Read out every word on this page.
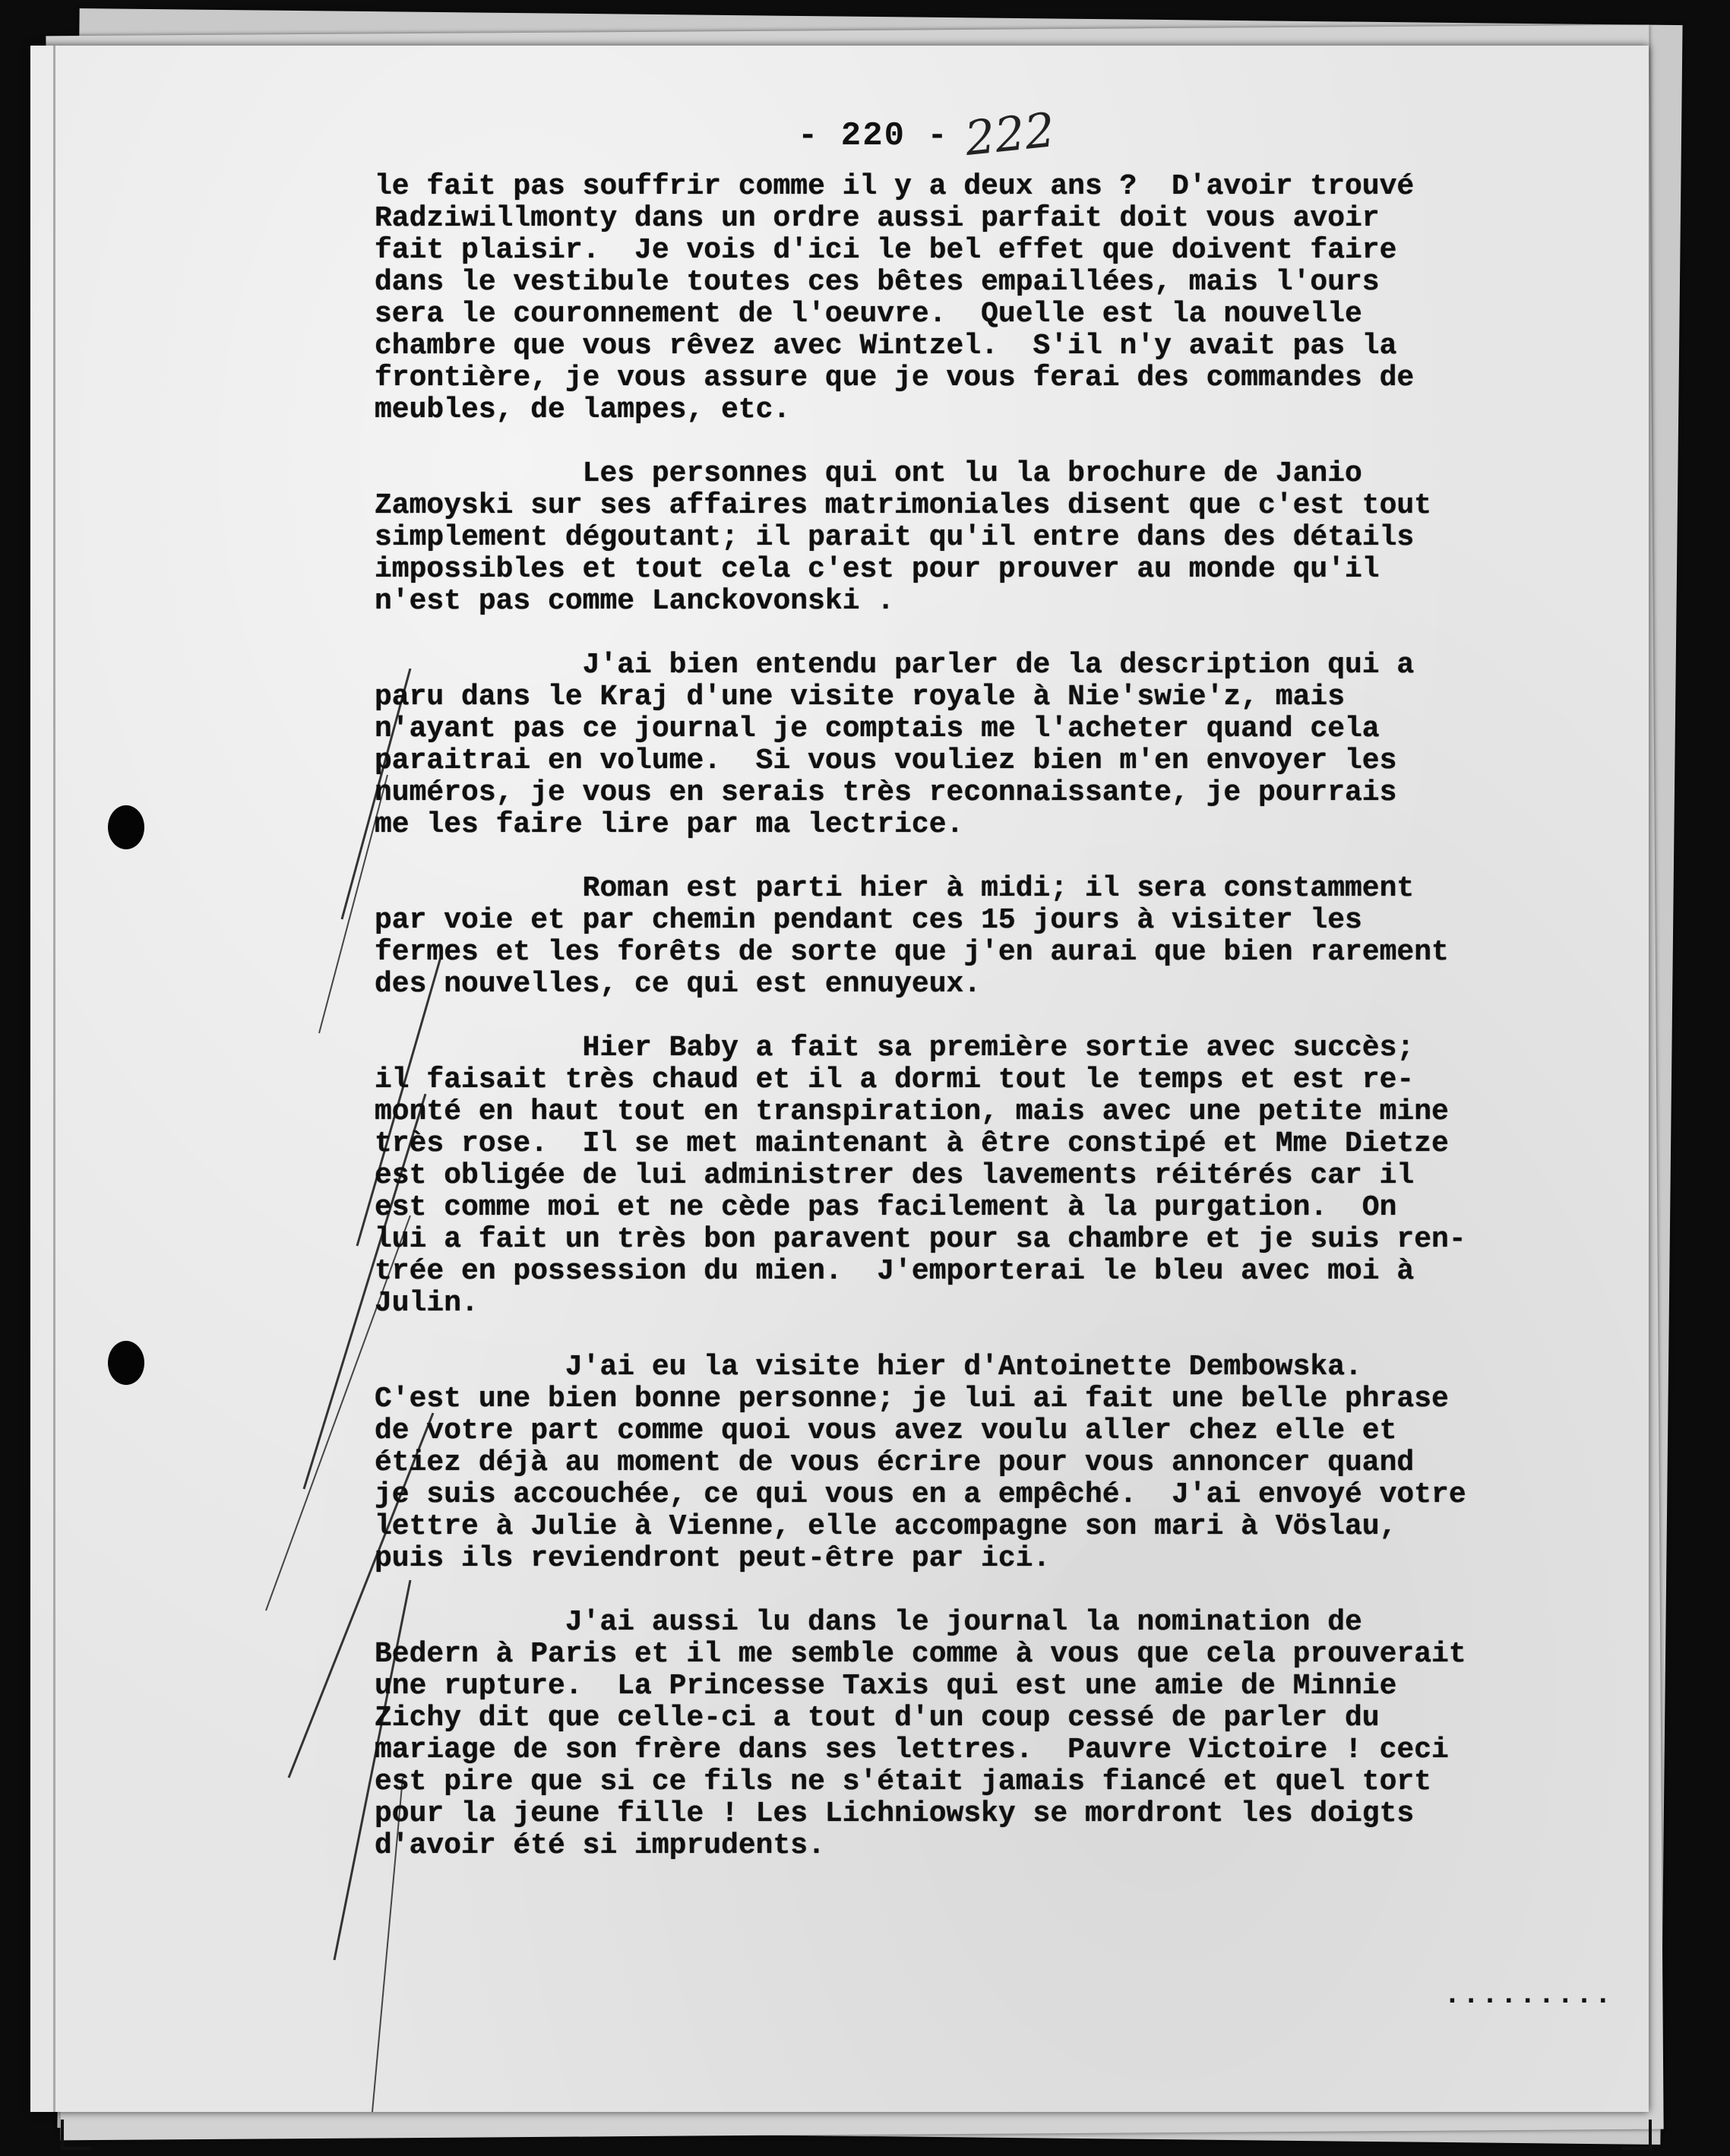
- 220 - 222
.........
le fait pas souffrir comme il y a deux ans ?  D'avoir trouvé
Radziwillmonty dans un ordre aussi parfait doit vous avoir
fait plaisir.  Je vois d'ici le bel effet que doivent faire
dans le vestibule toutes ces bêtes empaillées, mais l'ours
sera le couronnement de l'oeuvre.  Quelle est la nouvelle
chambre que vous rêvez avec Wintzel.  S'il n'y avait pas la
frontière, je vous assure que je vous ferai des commandes de
meubles, de lampes, etc.
Les personnes qui ont lu la brochure de Janio
Zamoyski sur ses affaires matrimoniales disent que c'est tout
simplement dégoutant; il parait qu'il entre dans des détails
impossibles et tout cela c'est pour prouver au monde qu'il
n'est pas comme Lanckovonski .
J'ai bien entendu parler de la description qui a
paru dans le Kraj d'une visite royale à Nie'swie'z, mais
n'ayant pas ce journal je comptais me l'acheter quand cela
paraitrai en volume.  Si vous vouliez bien m'en envoyer les
numéros, je vous en serais très reconnaissante, je pourrais
me les faire lire par ma lectrice.
Roman est parti hier à midi; il sera constamment
par voie et par chemin pendant ces 15 jours à visiter les
fermes et les forêts de sorte que j'en aurai que bien rarement
des nouvelles, ce qui est ennuyeux.
Hier Baby a fait sa première sortie avec succès;
il faisait très chaud et il a dormi tout le temps et est re-
monté en haut tout en transpiration, mais avec une petite mine
très rose.  Il se met maintenant à être constipé et Mme Dietze
est obligée de lui administrer des lavements réitérés car il
est comme moi et ne cède pas facilement à la purgation.  On
lui a fait un très bon paravent pour sa chambre et je suis ren-
trée en possession du mien.  J'emporterai le bleu avec moi à
Julin.
J'ai eu la visite hier d'Antoinette Dembowska.
C'est une bien bonne personne; je lui ai fait une belle phrase
de votre part comme quoi vous avez voulu aller chez elle et
étiez déjà au moment de vous écrire pour vous annoncer quand
je suis accouchée, ce qui vous en a empêché.  J'ai envoyé votre
lettre à Julie à Vienne, elle accompagne son mari à Vöslau,
puis ils reviendront peut-être par ici.
J'ai aussi lu dans le journal la nomination de
Bedern à Paris et il me semble comme à vous que cela prouverait
une rupture.  La Princesse Taxis qui est une amie de Minnie
Zichy dit que celle-ci a tout d'un coup cessé de parler du
mariage de son frère dans ses lettres.  Pauvre Victoire ! ceci
est pire que si ce fils ne s'était jamais fiancé et quel tort
pour la jeune fille ! Les Lichniowsky se mordront les doigts
d'avoir été si imprudents.
